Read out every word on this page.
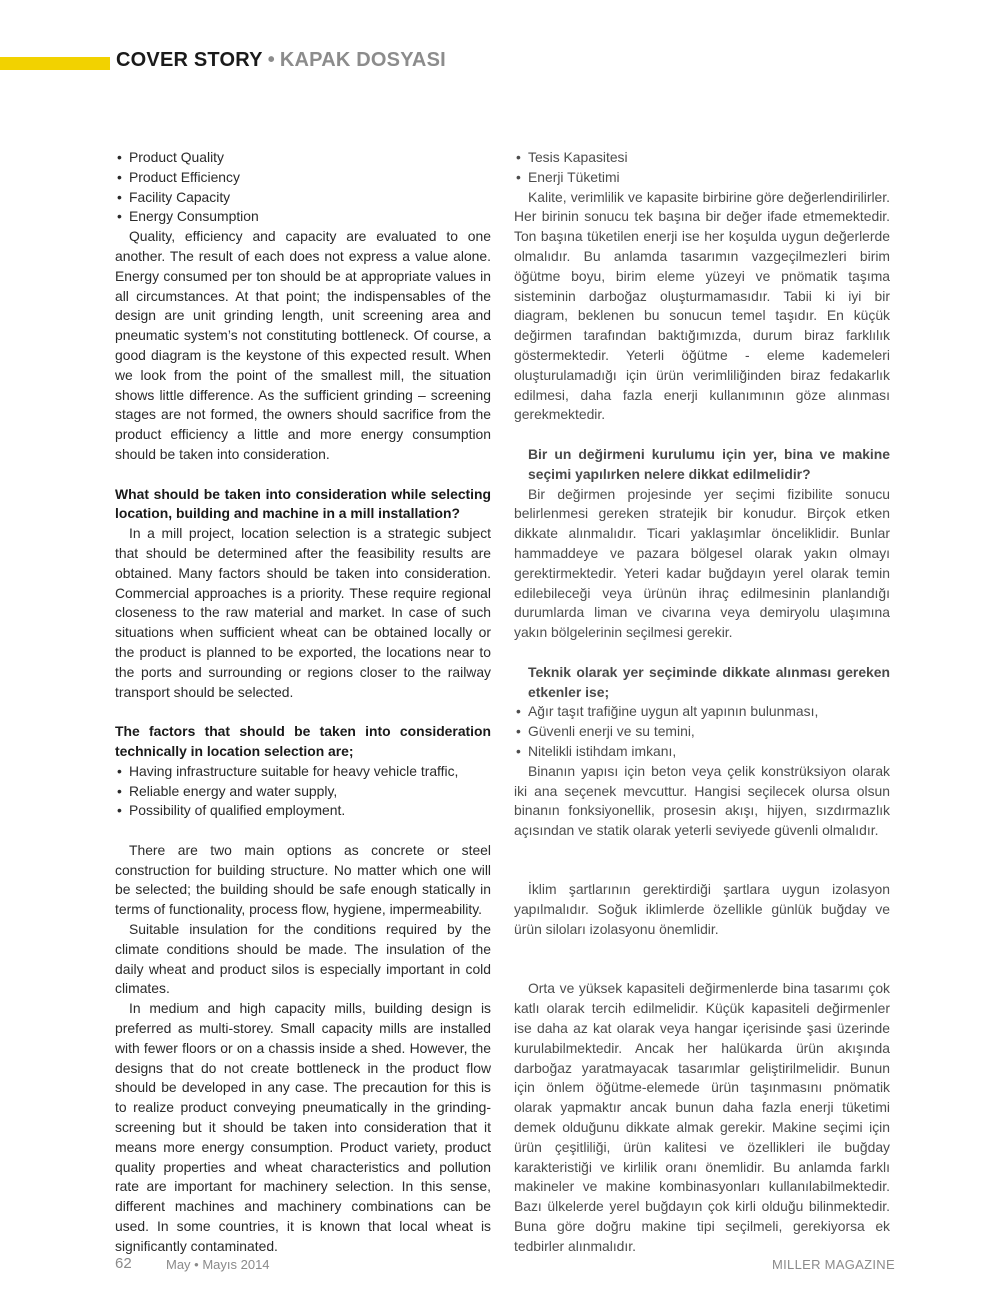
COVER STORY • KAPAK DOSYASI
• Product Quality
• Product Efficiency
• Facility Capacity
• Energy Consumption

Quality, efficiency and capacity are evaluated to one another. The result of each does not express a value alone. Energy consumed per ton should be at appropriate values in all circumstances. At that point; the indispensables of the design are unit grinding length, unit screening area and pneumatic system’s not constituting bottleneck. Of course, a good diagram is the keystone of this expected result. When we look from the point of the smallest mill, the situation shows little difference. As the sufficient grinding – screening stages are not formed, the owners should sacrifice from the product efficiency a little and more energy consumption should be taken into consideration.

What should be taken into consideration while selecting location, building and machine in a mill installation?

In a mill project, location selection is a strategic subject that should be determined after the feasibility results are obtained. Many factors should be taken into consideration. Commercial approaches is a priority. These require regional closeness to the raw material and market. In case of such situations when sufficient wheat can be obtained locally or the product is planned to be exported, the locations near to the ports and surrounding or regions closer to the railway transport should be selected.

The factors that should be taken into consideration technically in location selection are;
• Having infrastructure suitable for heavy vehicle traffic,
• Reliable energy and water supply,
• Possibility of qualified employment.

There are two main options as concrete or steel construction for building structure. No matter which one will be selected; the building should be safe enough statically in terms of functionality, process flow, hygiene, impermeability.

Suitable insulation for the conditions required by the climate conditions should be made. The insulation of the daily wheat and product silos is especially important in cold climates.

In medium and high capacity mills, building design is preferred as multi-storey. Small capacity mills are installed with fewer floors or on a chassis inside a shed. However, the designs that do not create bottleneck in the product flow should be developed in any case. The precaution for this is to realize product conveying pneumatically in the grinding-screening but it should be taken into consideration that it means more energy consumption. Product variety, product quality properties and wheat characteristics and pollution rate are important for machinery selection. In this sense, different machines and machinery combinations can be used. In some countries, it is known that local wheat is significantly contaminated.

• Tesis Kapasitesi
• Enerji Tüketimi

Kalite, verimlilik ve kapasite birbirine göre değerlendirilirler. Her birinin sonucu tek başına bir değer ifade etmemektedir. Ton başına tüketilen enerji ise her koşulda uygun değerlerde olmalıdır. Bu anlamda tasarımın vazgeçilmezleri birim öğütme boyu, birim eleme yüzeyi ve pnömatik taşıma sisteminin darboğaz oluşturmamasıdır. Tabii ki iyi bir diagram, beklenen bu sonucun temel taşıdır. En küçük değirmen tarafından baktığımızda, durum biraz farklılık göstermektedir. Yeterli öğütme - eleme kademeleri oluşturulamadığı için ürün verimliliğinden biraz fedakarlık edilmesi, daha fazla enerji kullanımının göze alınması gerekmektedir.

Bir un değirmeni kurulumu için yer, bina ve makine seçimi yapılırken nelere dikkat edilmelidir?

Bir değirmen projesinde yer seçimi fizibilite sonucu belirlenmesi gereken stratejik bir konudur. Birçok etken dikkate alınmalıdır. Ticari yaklaşımlar önceliklidir. Bunlar hammaddeye ve pazara bölgesel olarak yakın olmayı gerektirmektedir. Yeteri kadar buğdayın yerel olarak temin edilebileceği veya ürünün ihraç edilmesinin planlandığı durumlarda liman ve civarına veya demiryolu ulaşımına yakın bölgelerinin seçilmesi gerekir.

Teknik olarak yer seçiminde dikkate alınması gereken etkenler ise;
• Ağır taşıt trafiğine uygun alt yapının bulunması,
• Güvenli enerji ve su temini,
• Nitelikli istihdam imkanı,

Binanın yapısı için beton veya çelik konstrüksiyon olarak iki ana seçenek mevcuttur. Hangisi seçilecek olursa olsun binanın fonksiyonellik, prosesin akışı, hijyen, sızdırmazlık açısından ve statik olarak yeterli seviyede güvenli olmalıdır.

İklim şartlarının gerektirdiği şartlara uygun izolasyon yapılmalıdır. Soğuk iklimlerde özellikle günlük buğday ve ürün siloları izolasyonu önemlidir.

Orta ve yüksek kapasiteli değirmenlerde bina tasarımı çok katlı olarak tercih edilmelidir. Küçük kapasiteli değirmenler ise daha az kat olarak veya hangar içerisinde şasi üzerinde kurulabilmektedir. Ancak her halükarda ürün akışında darboğaz yaratmayacak tasarımlar geliştirilmelidir. Bunun için önlem öğütme-elemede ürün taşınmasını pnömatik olarak yapmaktır ancak bunun daha fazla enerji tüketimi demek olduğunu dikkate almak gerekir. Makine seçimi için ürün çeşitliliği, ürün kalitesi ve özellikleri ile buğday karakteristiği ve kirlilik oranı önemlidir. Bu anlamda farklı makineler ve makine kombinasyonları kullanılabilmektedir. Bazı ülkelerde yerel buğdayın çok kirli olduğu bilinmektedir. Buna göre doğru makine tipi seçilmeli, gerekiyorsa ek tedbirler alınmalıdır.

62	May • Mayıs 2014	MILLER MAGAZINE
